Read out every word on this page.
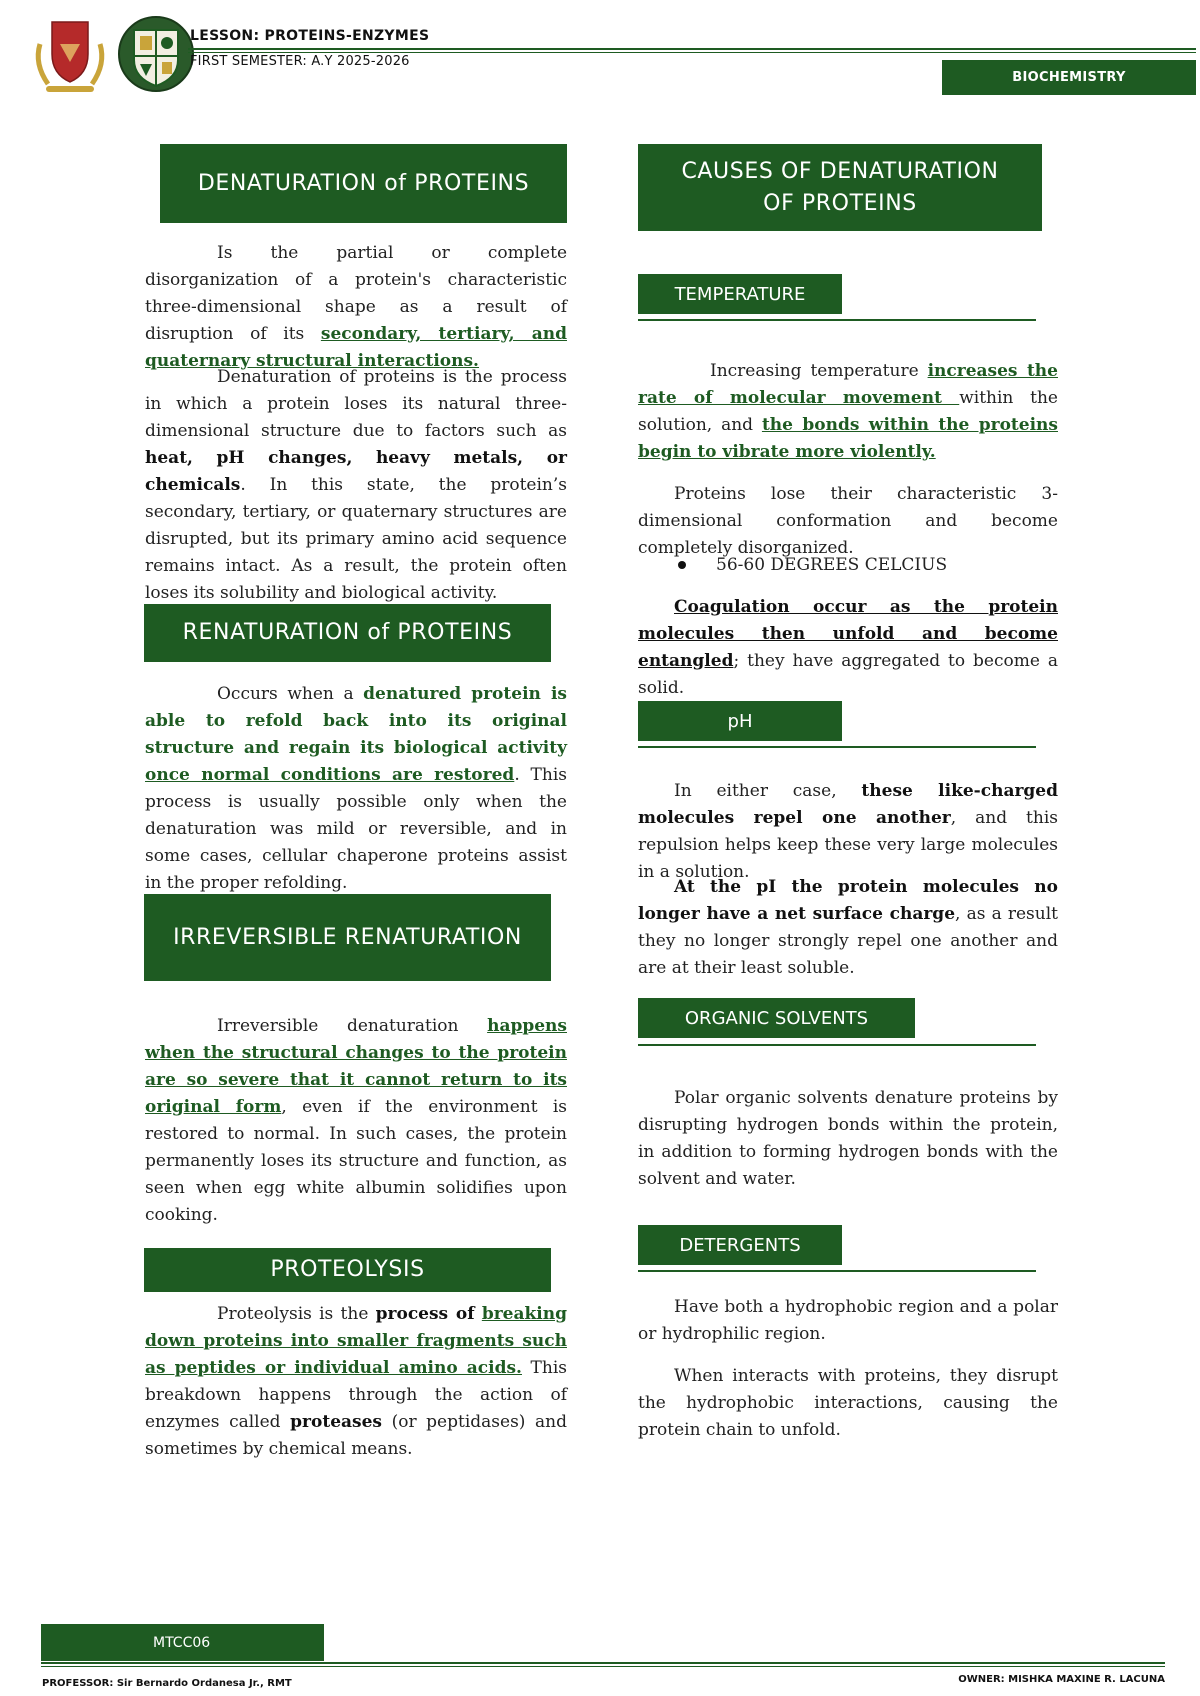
LESSON: PROTEINS-ENZYMES
FIRST SEMESTER: A.Y 2025-2026
BIOCHEMISTRY
DENATURATION of PROTEINS

Is the partial or complete disorganization of a protein's characteristic three-dimensional shape as a result of disruption of its secondary, tertiary, and quaternary structural interactions.

Denaturation of proteins is the process in which a protein loses its natural three-dimensional structure due to factors such as heat, pH changes, heavy metals, or chemicals. In this state, the protein’s secondary, tertiary, or quaternary structures are disrupted, but its primary amino acid sequence remains intact. As a result, the protein often loses its solubility and biological activity.

RENATURATION of PROTEINS

Occurs when a denatured protein is able to refold back into its original structure and regain its biological activity once normal conditions are restored. This process is usually possible only when the denaturation was mild or reversible, and in some cases, cellular chaperone proteins assist in the proper refolding.

IRREVERSIBLE RENATURATION

Irreversible denaturation happens when the structural changes to the protein are so severe that it cannot return to its original form, even if the environment is restored to normal. In such cases, the protein permanently loses its structure and function, as seen when egg white albumin solidifies upon cooking.

PROTEOLYSIS

Proteolysis is the process of breaking down proteins into smaller fragments such as peptides or individual amino acids. This breakdown happens through the action of enzymes called proteases (or peptidases) and sometimes by chemical means.

CAUSES OF DENATURATION OF PROTEINS
TEMPERATURE

Increasing temperature increases the rate of molecular movement within the solution, and the bonds within the proteins begin to vibrate more violently.

Proteins lose their characteristic 3-dimensional conformation and become completely disorganized.

56-60 DEGREES CELCIUS

Coagulation occur as the protein molecules then unfold and become entangled; they have aggregated to become a solid.

pH

In either case, these like-charged molecules repel one another, and this repulsion helps keep these very large molecules in a solution.

At the pI the protein molecules no longer have a net surface charge, as a result they no longer strongly repel one another and are at their least soluble.

ORGANIC SOLVENTS

Polar organic solvents denature proteins by disrupting hydrogen bonds within the protein, in addition to forming hydrogen bonds with the solvent and water.

DETERGENTS

Have both a hydrophobic region and a polar or hydrophilic region.

When interacts with proteins, they disrupt the hydrophobic interactions, causing the protein chain to unfold.

MTCC06
PROFESSOR: Sir Bernardo Ordanesa Jr., RMT	OWNER: MISHKA MAXINE R. LACUNA
